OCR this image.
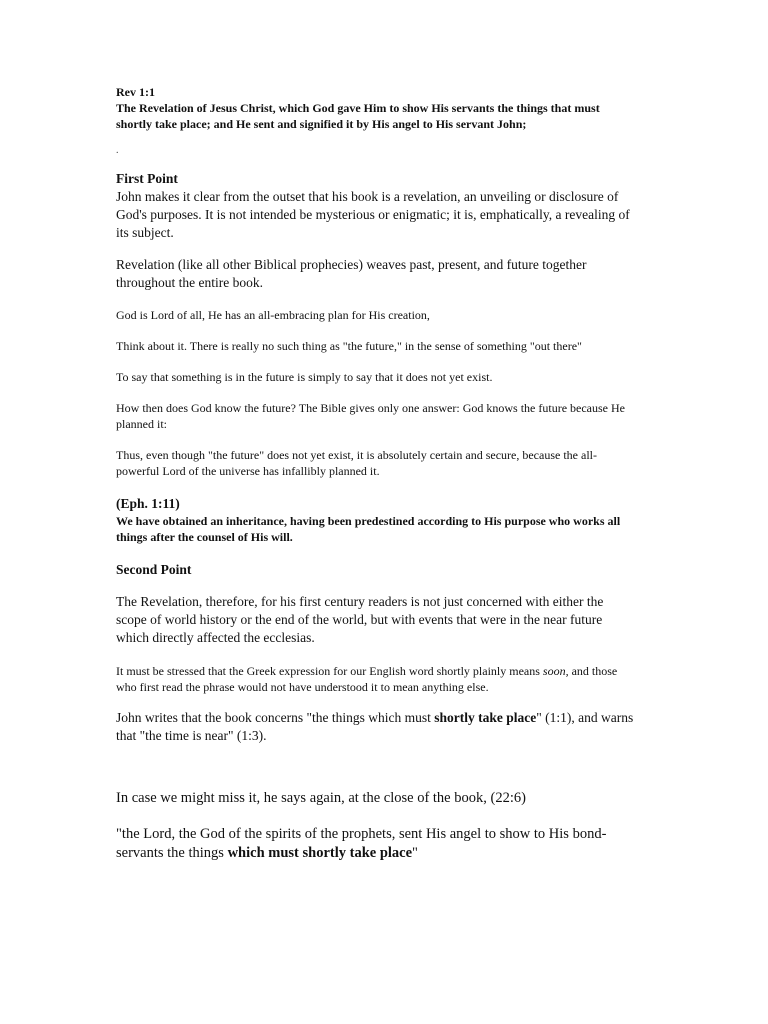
Rev 1:1

The Revelation of Jesus Christ, which God gave Him to show His servants the things that must shortly take place; and He sent and signified it by His angel to His servant John;

.

First Point

John makes it clear from the outset that his book is a revelation, an unveiling or disclosure of God's purposes. It is not intended be mysterious or enigmatic; it is, emphatically, a revealing of its subject.

Revelation (like all other Biblical prophecies) weaves past, present, and future together throughout the entire book.

God is Lord of all, He has an all-embracing plan for His creation,

Think about it. There is really no such thing as "the future," in the sense of something "out there"

To say that something is in the future is simply to say that it does not yet exist.

How then does God know the future? The Bible gives only one answer: God knows the future because He planned it:

Thus, even though "the future" does not yet exist, it is absolutely certain and secure, because the all-powerful Lord of the universe has infallibly planned it.

(Eph. 1:11)

We have obtained an inheritance, having been predestined according to His purpose who works all things after the counsel of His will.

Second Point

The Revelation, therefore, for his first century readers is not just concerned with either the scope of world history or the end of the world, but with events that were in the near future which directly affected the ecclesias.

It must be stressed that the Greek expression for our English word shortly plainly means soon, and those who first read the phrase would not have understood it to mean anything else.

John writes that the book concerns "the things which must shortly take place" (1:1), and warns that "the time is near" (1:3).

In case we might miss it, he says again, at the close of the book, (22:6)

"the Lord, the God of the spirits of the prophets, sent His angel to show to His bond-servants the things which must shortly take place"
